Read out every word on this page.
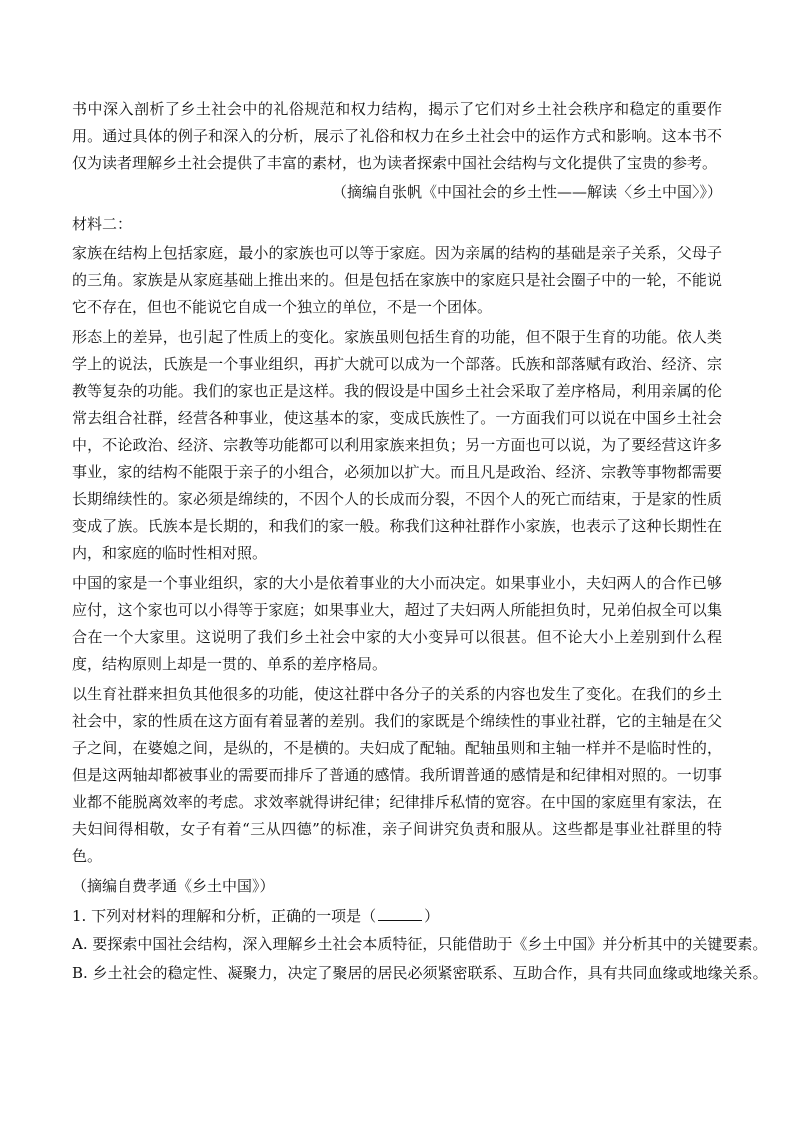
书中深入剖析了乡土社会中的礼俗规范和权力结构，揭示了它们对乡土社会秩序和稳定的重要作用。通过具体的例子和深入的分析，展示了礼俗和权力在乡土社会中的运作方式和影响。这本书不仅为读者理解乡土社会提供了丰富的素材，也为读者探索中国社会结构与文化提供了宝贵的参考。

（摘编自张帆《中国社会的乡土性——解读〈乡土中国〉》）

材料二：

家族在结构上包括家庭，最小的家族也可以等于家庭。因为亲属的结构的基础是亲子关系，父母子的三角。家族是从家庭基础上推出来的。但是包括在家族中的家庭只是社会圈子中的一轮，不能说它不存在，但也不能说它自成一个独立的单位，不是一个团体。

形态上的差异，也引起了性质上的变化。家族虽则包括生育的功能，但不限于生育的功能。依人类学上的说法，氏族是一个事业组织，再扩大就可以成为一个部落。氏族和部落赋有政治、经济、宗教等复杂的功能。我们的家也正是这样。我的假设是中国乡土社会采取了差序格局，利用亲属的伦常去组合社群，经营各种事业，使这基本的家，变成氏族性了。一方面我们可以说在中国乡土社会中，不论政治、经济、宗教等功能都可以利用家族来担负；另一方面也可以说，为了要经营这许多事业，家的结构不能限于亲子的小组合，必须加以扩大。而且凡是政治、经济、宗教等事物都需要长期绵续性的。家必须是绵续的，不因个人的长成而分裂，不因个人的死亡而结束，于是家的性质变成了族。氏族本是长期的，和我们的家一般。称我们这种社群作小家族，也表示了这种长期性在内，和家庭的临时性相对照。

中国的家是一个事业组织，家的大小是依着事业的大小而决定。如果事业小，夫妇两人的合作已够应付，这个家也可以小得等于家庭；如果事业大，超过了夫妇两人所能担负时，兄弟伯叔全可以集合在一个大家里。这说明了我们乡土社会中家的大小变异可以很甚。但不论大小上差别到什么程度，结构原则上却是一贯的、单系的差序格局。

以生育社群来担负其他很多的功能，使这社群中各分子的关系的内容也发生了变化。在我们的乡土社会中，家的性质在这方面有着显著的差别。我们的家既是个绵续性的事业社群，它的主轴是在父子之间，在婆媳之间，是纵的，不是横的。夫妇成了配轴。配轴虽则和主轴一样并不是临时性的，但是这两轴却都被事业的需要而排斥了普通的感情。我所谓普通的感情是和纪律相对照的。一切事业都不能脱离效率的考虑。求效率就得讲纪律；纪律排斥私情的宽容。在中国的家庭里有家法，在夫妇间得相敬，女子有着“三从四德”的标准，亲子间讲究负责和服从。这些都是事业社群里的特色。

（摘编自费孝通《乡土中国》）

1. 下列对材料的理解和分析，正确的一项是（	）

A. 要探索中国社会结构，深入理解乡土社会本质特征，只能借助于《乡土中国》并分析其中的关键要素。

B. 乡土社会的稳定性、凝聚力，决定了聚居的居民必须紧密联系、互助合作，具有共同血缘或地缘关系。
